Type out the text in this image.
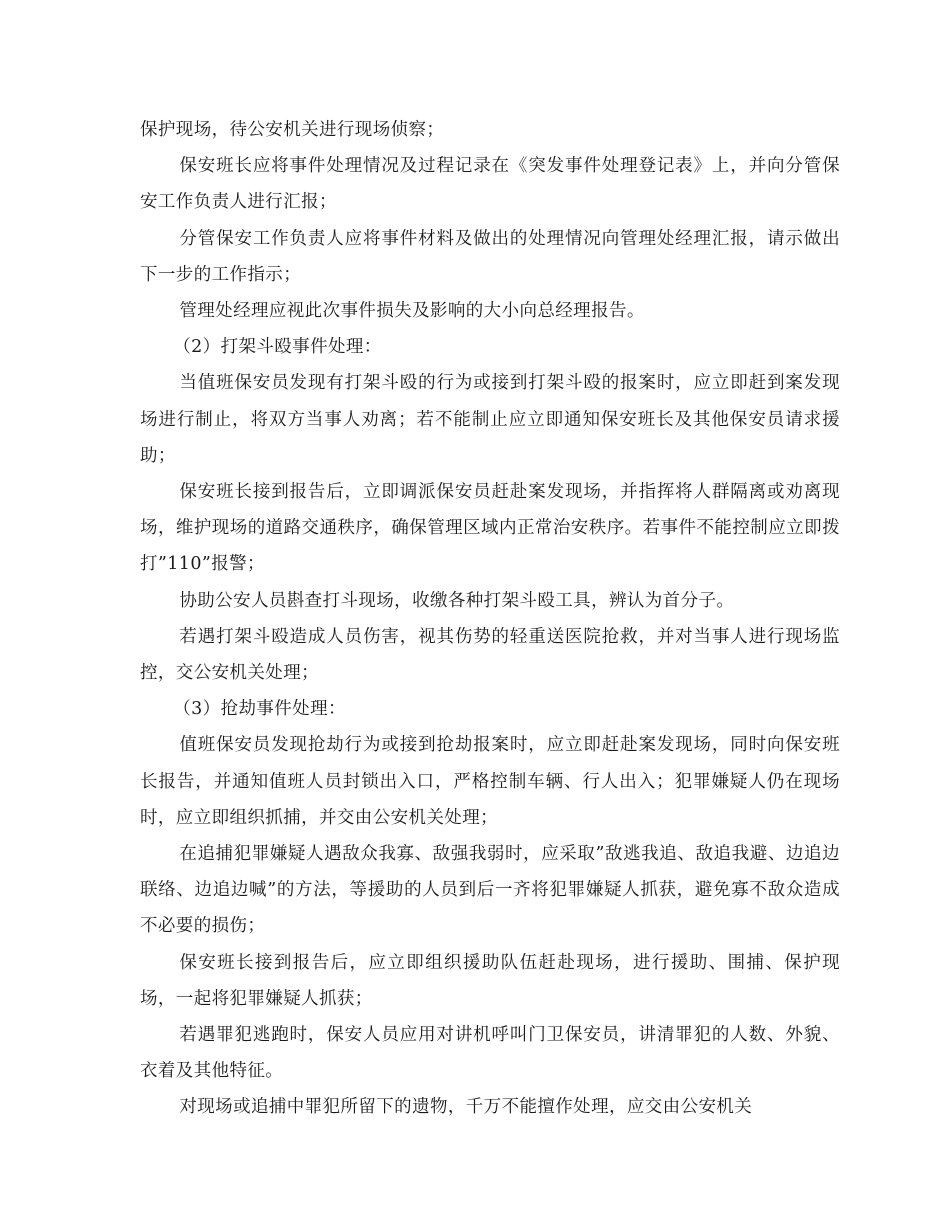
保护现场，待公安机关进行现场侦察；

保安班长应将事件处理情况及过程记录在《突发事件处理登记表》上，并向分管保安工作负责人进行汇报；

分管保安工作负责人应将事件材料及做出的处理情况向管理处经理汇报，请示做出下一步的工作指示；

管理处经理应视此次事件损失及影响的大小向总经理报告。

（2）打架斗殴事件处理：

当值班保安员发现有打架斗殴的行为或接到打架斗殴的报案时，应立即赶到案发现场进行制止，将双方当事人劝离；若不能制止应立即通知保安班长及其他保安员请求援助；

保安班长接到报告后，立即调派保安员赶赴案发现场，并指挥将人群隔离或劝离现场，维护现场的道路交通秩序，确保管理区域内正常治安秩序。若事件不能控制应立即拨打”110”报警；

协助公安人员斟查打斗现场，收缴各种打架斗殴工具，辨认为首分子。

若遇打架斗殴造成人员伤害，视其伤势的轻重送医院抢救，并对当事人进行现场监控，交公安机关处理；

（3）抢劫事件处理：

值班保安员发现抢劫行为或接到抢劫报案时，应立即赶赴案发现场，同时向保安班长报告，并通知值班人员封锁出入口，严格控制车辆、行人出入；犯罪嫌疑人仍在现场时，应立即组织抓捕，并交由公安机关处理；

在追捕犯罪嫌疑人遇敌众我寡、敌强我弱时，应采取”敌逃我追、敌追我避、边追边联络、边追边喊”的方法，等援助的人员到后一齐将犯罪嫌疑人抓获，避免寡不敌众造成不必要的损伤；

保安班长接到报告后，应立即组织援助队伍赶赴现场，进行援助、围捕、保护现场，一起将犯罪嫌疑人抓获；

若遇罪犯逃跑时，保安人员应用对讲机呼叫门卫保安员，讲清罪犯的人数、外貌、衣着及其他特征。

对现场或追捕中罪犯所留下的遗物，千万不能擅作处理，应交由公安机关
